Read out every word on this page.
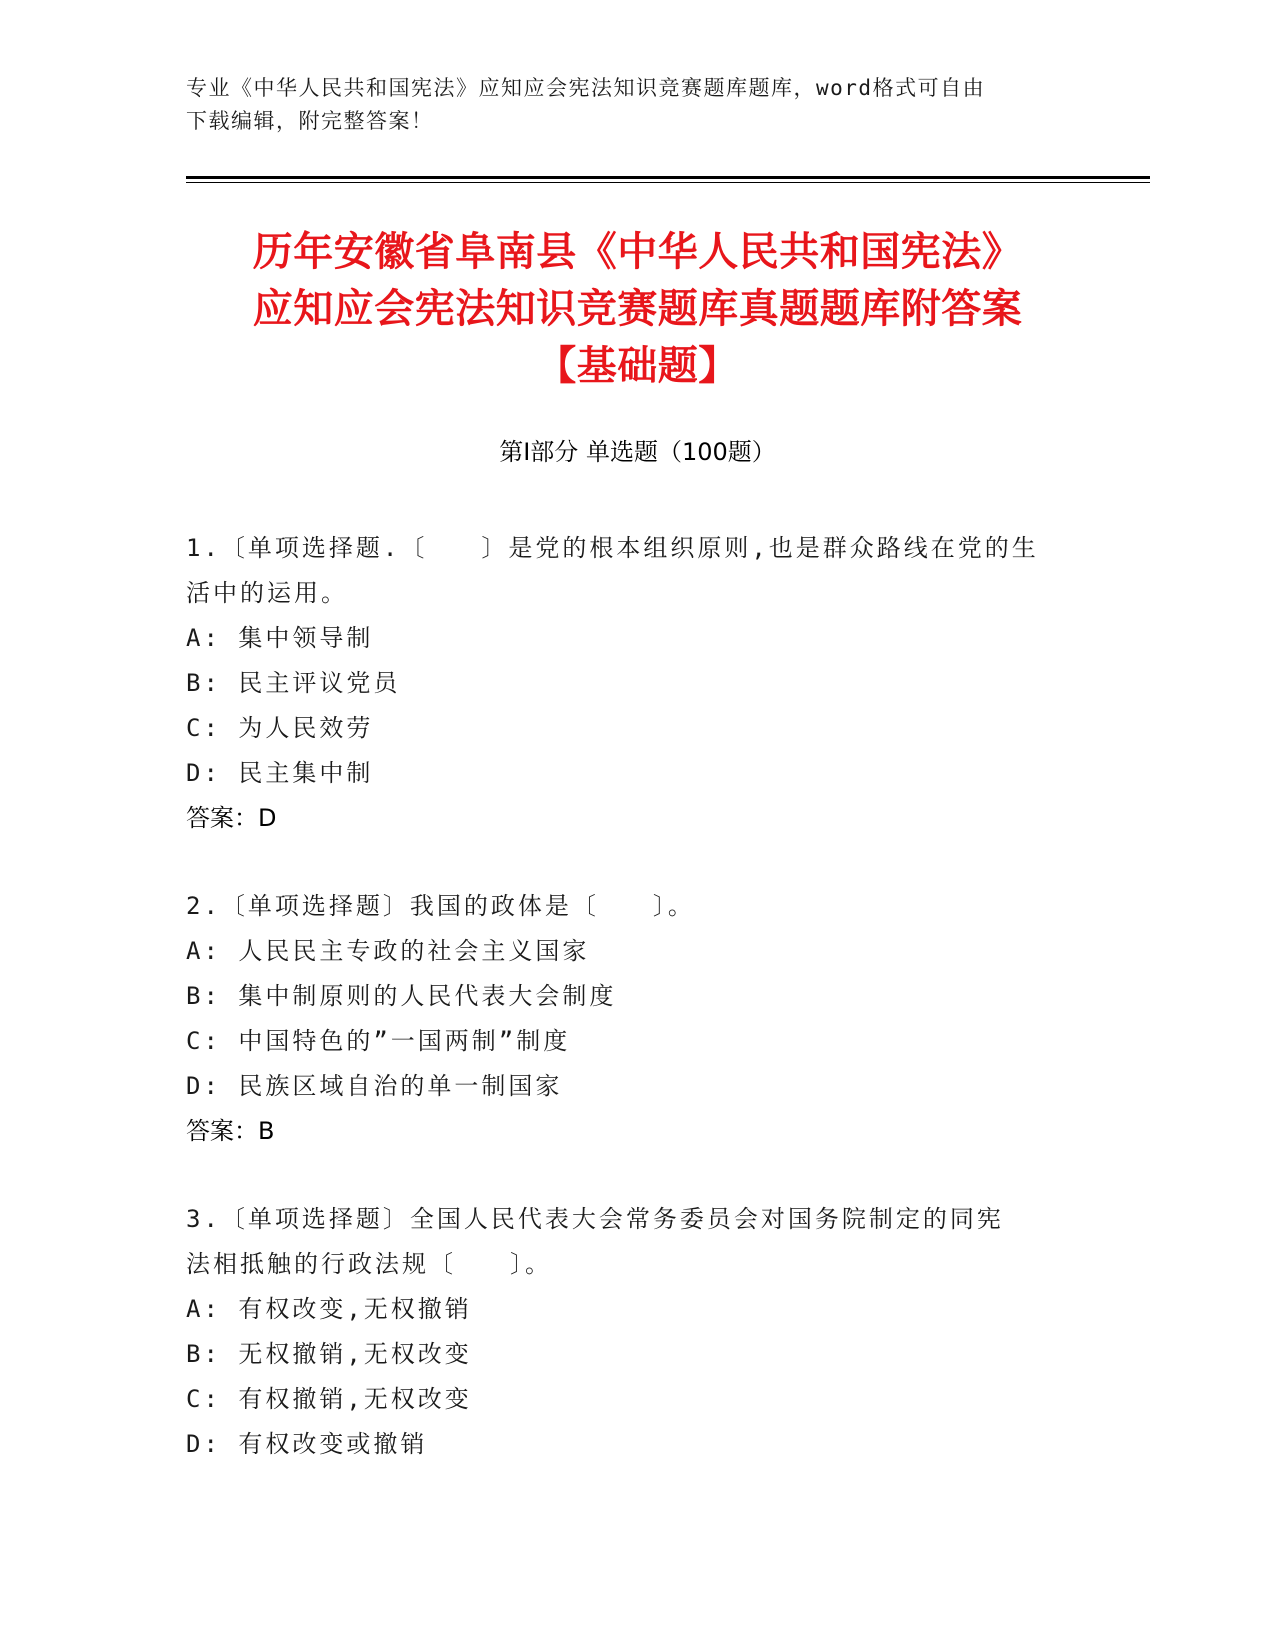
专业《中华人民共和国宪法》应知应会宪法知识竞赛题库题库，word格式可自由
下载编辑，附完整答案！
历年安徽省阜南县《中华人民共和国宪法》
应知应会宪法知识竞赛题库真题题库附答案
【基础题】
第Ⅰ部分 单选题（100题）

1.〔单项选择题.〔　　〕是党的根本组织原则,也是群众路线在党的生

活中的运用。

A: 集中领导制

B: 民主评议党员

C: 为人民效劳

D: 民主集中制

答案：D

2.〔单项选择题〕我国的政体是〔　　〕。

A: 人民民主专政的社会主义国家

B: 集中制原则的人民代表大会制度

C: 中国特色的”一国两制”制度

D: 民族区域自治的单一制国家

答案：B

3.〔单项选择题〕全国人民代表大会常务委员会对国务院制定的同宪

法相抵触的行政法规〔　　〕。

A: 有权改变,无权撤销

B: 无权撤销,无权改变

C: 有权撤销,无权改变

D: 有权改变或撤销
